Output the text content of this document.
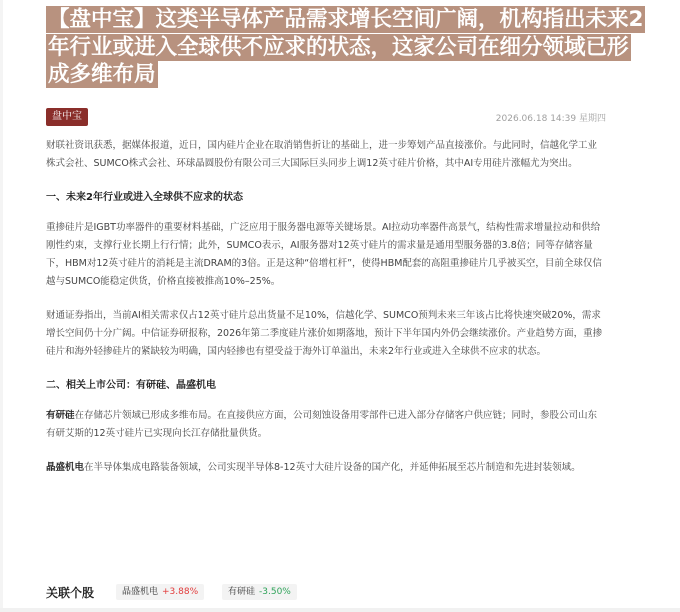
【盘中宝】这类半导体产品需求增长空间广阔，机构指出未来2年行业或进入全球供不应求的状态，这家公司在细分领域已形成多维布局
盘中宝	2026.06.18 14:39 星期四

财联社资讯获悉，据媒体报道，近日，国内硅片企业在取消销售折让的基础上，进一步筹划产品直接涨价。与此同时，信越化学工业株式会社、SUMCO株式会社、环球晶圆股份有限公司三大国际巨头同步上调12英寸硅片价格，其中AI专用硅片涨幅尤为突出。

一、未来2年行业或进入全球供不应求的状态

重掺硅片是IGBT功率器件的重要材料基础，广泛应用于服务器电源等关键场景。AI拉动功率器件高景气，结构性需求增量拉动和供给刚性约束，支撑行业长期上行行情；此外，SUMCO表示，AI服务器对12英寸硅片的需求量是通用型服务器的3.8倍；同等存储容量下，HBM对12英寸硅片的消耗是主流DRAM的3倍。正是这种“倍增杠杆”，使得HBM配套的高阻重掺硅片几乎被买空，目前全球仅信越与SUMCO能稳定供货，价格直接被推高10%–25%。

财通证券指出，当前AI相关需求仅占12英寸硅片总出货量不足10%，信越化学、SUMCO预判未来三年该占比将快速突破20%，需求增长空间仍十分广阔。中信证券研报称，2026年第二季度硅片涨价如期落地，预计下半年国内外仍会继续涨价。产业趋势方面，重掺硅片和海外轻掺硅片的紧缺较为明确，国内轻掺也有望受益于海外订单溢出，未来2年行业或进入全球供不应求的状态。

二、相关上市公司：有研硅、晶盛机电

有研硅在存储芯片领域已形成多维布局。在直接供应方面，公司刻蚀设备用零部件已进入部分存储客户供应链；同时，参股公司山东有研艾斯的12英寸硅片已实现向长江存储批量供货。

晶盛机电在半导体集成电路装备领域，公司实现半导体8-12英寸大硅片设备的国产化，并延伸拓展至芯片制造和先进封装领域。

关联个股	晶盛机电 +3.88%	有研硅 -3.50%
